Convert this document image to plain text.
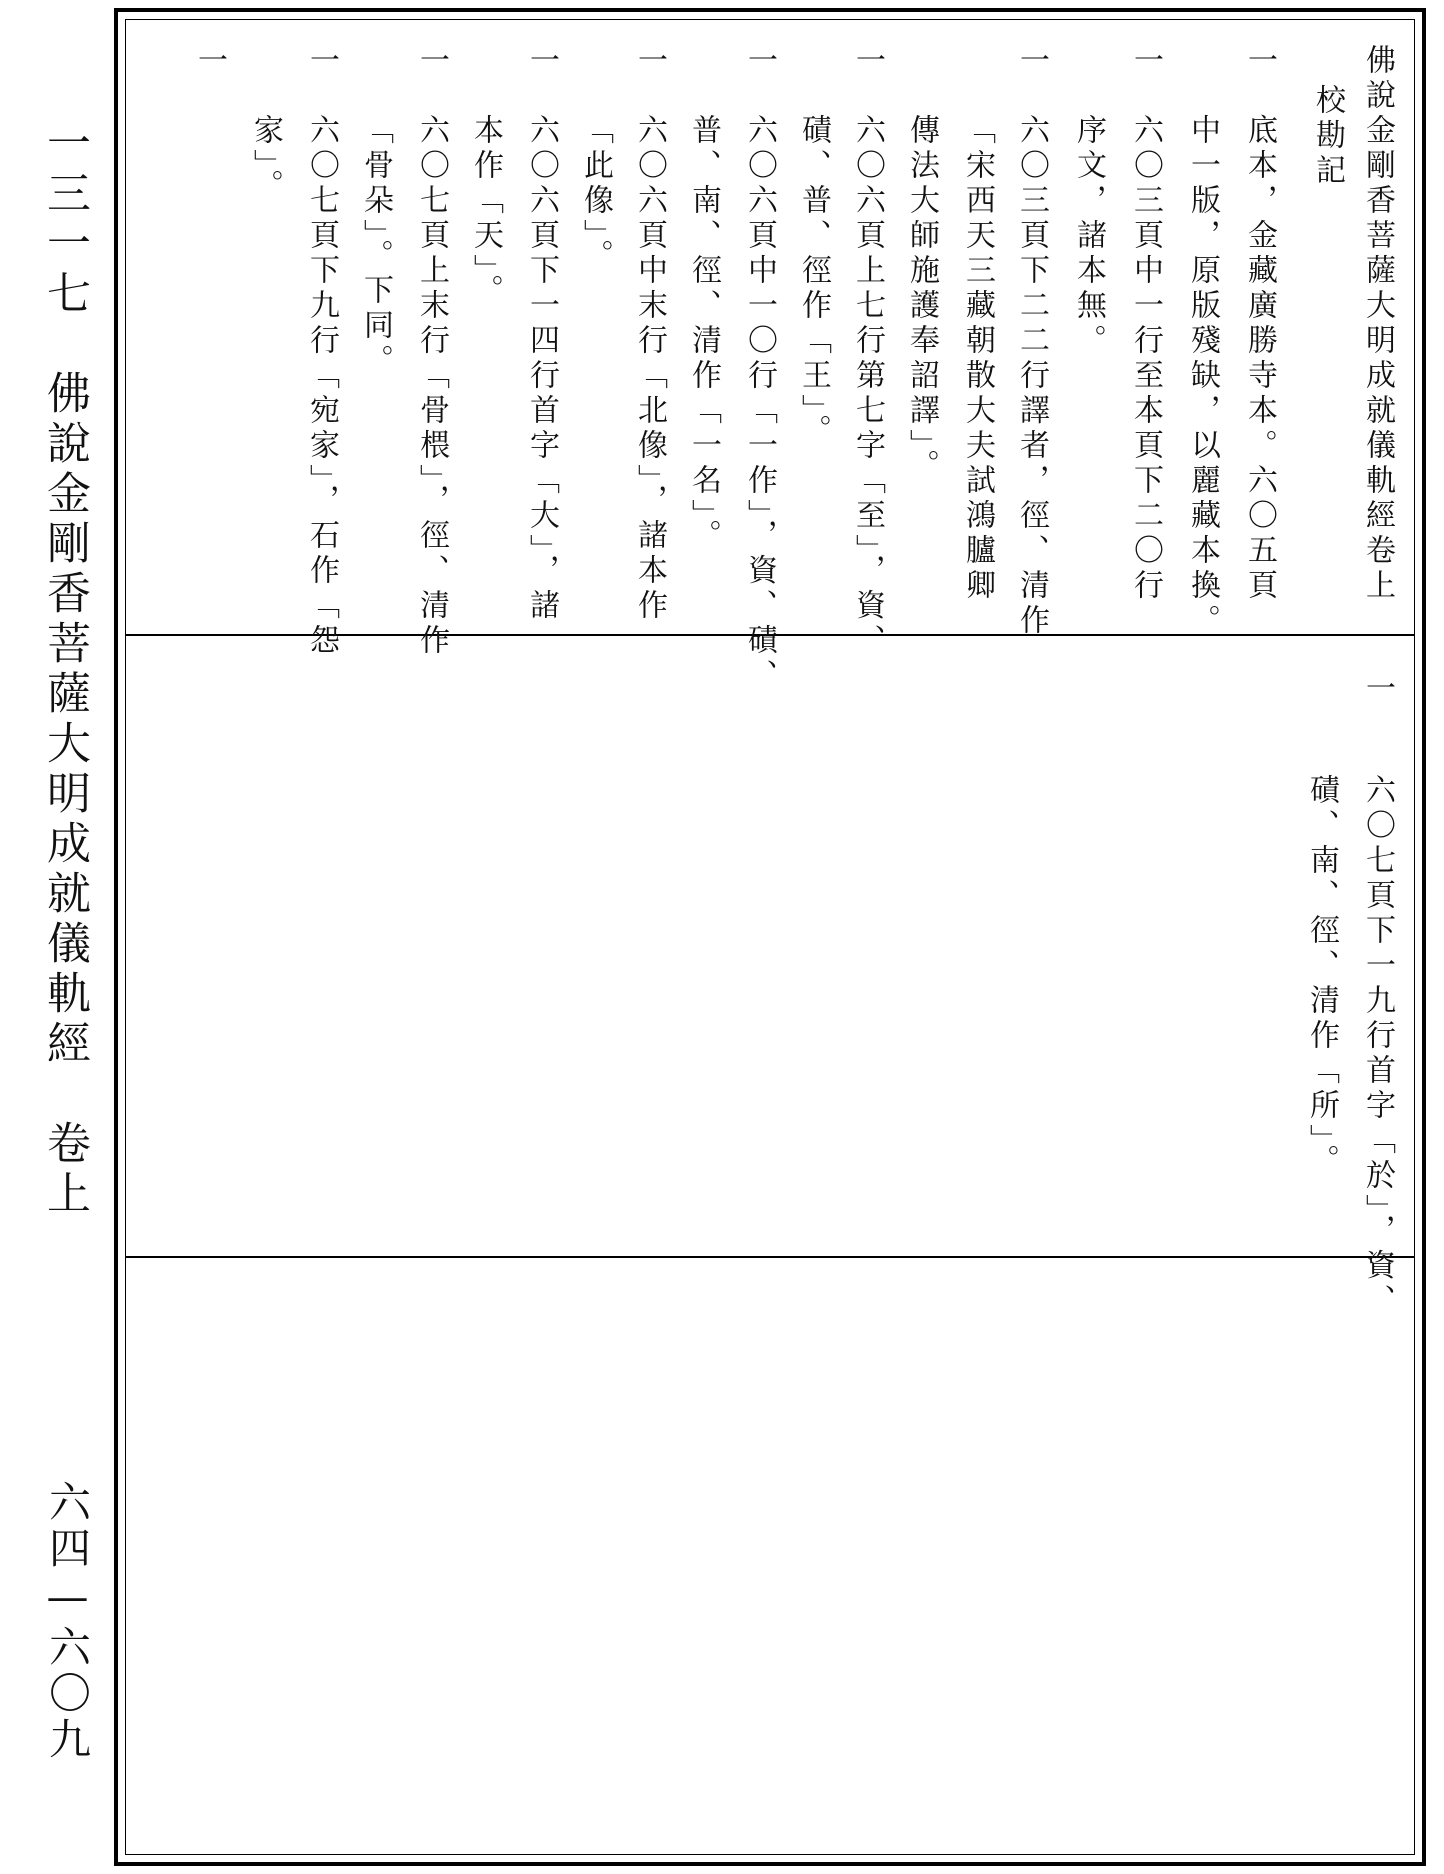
一三一七　佛說金剛香菩薩大明成就儀軌經　卷上
六四—六〇九
佛說金剛香菩薩大明成就儀軌經卷上
校勘記
一
一
一
一
一
一
一
一
一
一
底本，金藏廣勝寺本。六〇五頁
中一版，原版殘缺，以麗藏本換。
六〇三頁中一行至本頁下二〇行
序文，諸本無。
六〇三頁下二二行譯者，徑、清作
「宋西天三藏朝散大夫試鴻臚卿
傳法大師施護奉詔譯」。
六〇六頁上七行第七字「至」，資、
磧、普、徑作「王」。
六〇六頁中一〇行「一作」，資、磧、
普、南、徑、清作「一名」。
六〇六頁中末行「北像」，諸本作
「此像」。
六〇六頁下一四行首字「大」，諸
本作「天」。
六〇七頁上末行「骨椳」，徑、清作
「骨朵」。下同。
六〇七頁下九行「宛家」，石作「怨
家」。
一
六〇七頁下一九行首字「於」，資、
磧、南、徑、清作「所」。
